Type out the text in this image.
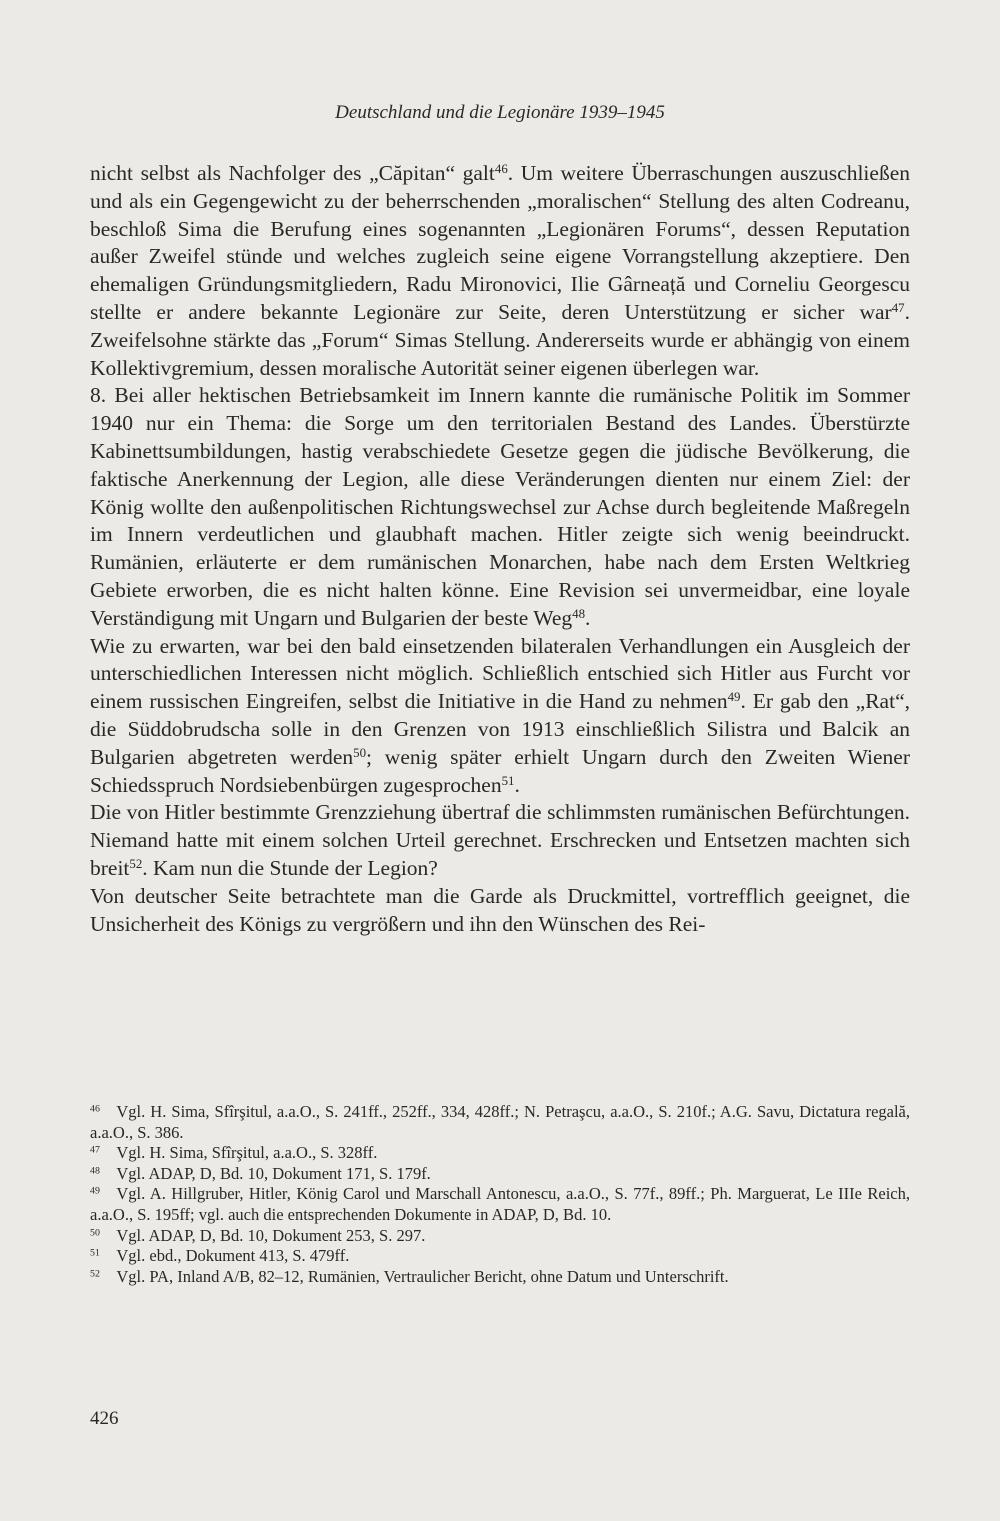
Deutschland und die Legionäre 1939–1945

nicht selbst als Nachfolger des „Căpitan“ galt$^{46}$. Um weitere Überraschungen auszuschließen und als ein Gegengewicht zu der beherrschenden „moralischen“ Stellung des alten Codreanu, beschloß Sima die Berufung eines sogenannten „Legionären Forums“, dessen Reputation außer Zweifel stünde und welches zugleich seine eigene Vorrangstellung akzeptiere. Den ehemaligen Gründungsmitgliedern, Radu Mironovici, Ilie Gârneață und Corneliu Georgescu stellte er andere bekannte Legionäre zur Seite, deren Unterstützung er sicher war$^{47}$. Zweifelsohne stärkte das „Forum“ Simas Stellung. Andererseits wurde er abhängig von einem Kollektivgremium, dessen moralische Autorität seiner eigenen überlegen war.

8. Bei aller hektischen Betriebsamkeit im Innern kannte die rumänische Politik im Sommer 1940 nur ein Thema: die Sorge um den territorialen Bestand des Landes. Überstürzte Kabinettsumbildungen, hastig verabschiedete Gesetze gegen die jüdische Bevölkerung, die faktische Anerkennung der Legion, alle diese Veränderungen dienten nur einem Ziel: der König wollte den außenpolitischen Richtungswechsel zur Achse durch begleitende Maßregeln im Innern verdeutlichen und glaubhaft machen. Hitler zeigte sich wenig beeindruckt. Rumänien, erläuterte er dem rumänischen Monarchen, habe nach dem Ersten Weltkrieg Gebiete erworben, die es nicht halten könne. Eine Revision sei unvermeidbar, eine loyale Verständigung mit Ungarn und Bulgarien der beste Weg$^{48}$.

Wie zu erwarten, war bei den bald einsetzenden bilateralen Verhandlungen ein Ausgleich der unterschiedlichen Interessen nicht möglich. Schließlich entschied sich Hitler aus Furcht vor einem russischen Eingreifen, selbst die Initiative in die Hand zu nehmen$^{49}$. Er gab den „Rat“, die Süddobrudscha solle in den Grenzen von 1913 einschließlich Silistra und Balcik an Bulgarien abgetreten werden$^{50}$; wenig später erhielt Ungarn durch den Zweiten Wiener Schiedsspruch Nordsiebenbürgen zugesprochen$^{51}$.

Die von Hitler bestimmte Grenzziehung übertraf die schlimmsten rumänischen Befürchtungen. Niemand hatte mit einem solchen Urteil gerechnet. Erschrecken und Entsetzen machten sich breit$^{52}$. Kam nun die Stunde der Legion?

Von deutscher Seite betrachtete man die Garde als Druckmittel, vortrefflich geeignet, die Unsicherheit des Königs zu vergrößern und ihn den Wünschen des Rei-

$^{46}$  Vgl. H. Sima, Sfîrşitul, a.a.O., S. 241ff., 252ff., 334, 428ff.; N. Petraşcu, a.a.O., S. 210f.; A.G. Savu, Dictatura regală, a.a.O., S. 386.

$^{47}$  Vgl. H. Sima, Sfîrşitul, a.a.O., S. 328ff.

$^{48}$  Vgl. ADAP, D, Bd. 10, Dokument 171, S. 179f.

$^{49}$  Vgl. A. Hillgruber, Hitler, König Carol und Marschall Antonescu, a.a.O., S. 77f., 89ff.; Ph. Marguerat, Le IIIe Reich, a.a.O., S. 195ff; vgl. auch die entsprechenden Dokumente in ADAP, D, Bd. 10.

$^{50}$  Vgl. ADAP, D, Bd. 10, Dokument 253, S. 297.

$^{51}$  Vgl. ebd., Dokument 413, S. 479ff.

$^{52}$  Vgl. PA, Inland A/B, 82–12, Rumänien, Vertraulicher Bericht, ohne Datum und Unterschrift.

426
